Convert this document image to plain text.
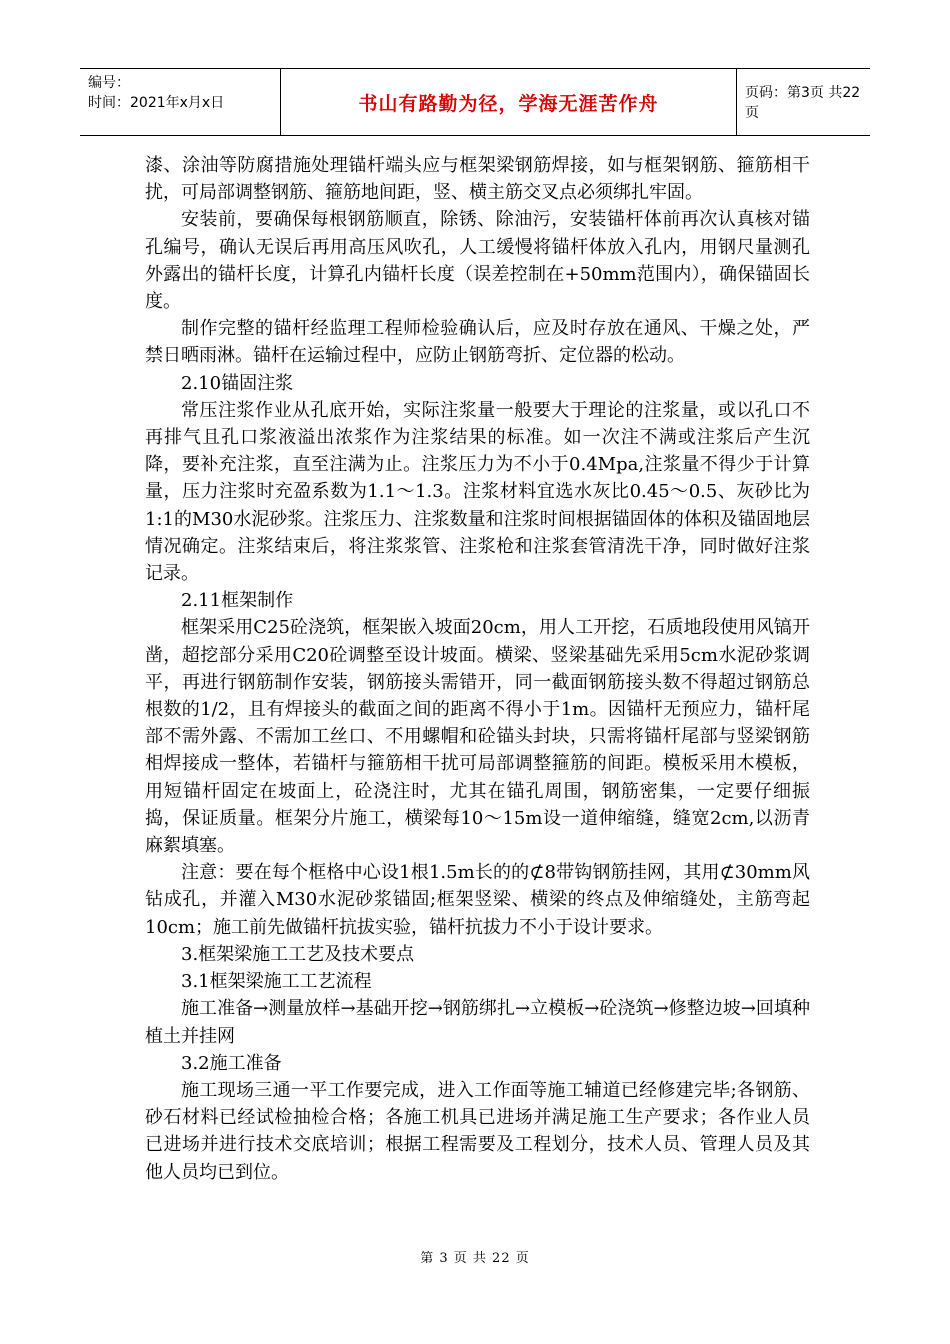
编号：
时间：2021年x月x日	书山有路勤为径，学海无涯苦作舟	页码：第3页 共22页

漆、涂油等防腐措施处理锚杆端头应与框架梁钢筋焊接，如与框架钢筋、箍筋相干扰，可局部调整钢筋、箍筋地间距，竖、横主筋交叉点必须绑扎牢固。

安装前，要确保每根钢筋顺直，除锈、除油污，安装锚杆体前再次认真核对锚孔编号，确认无误后再用高压风吹孔，人工缓慢将锚杆体放入孔内，用钢尺量测孔外露出的锚杆长度，计算孔内锚杆长度（误差控制在+50mm范围内），确保锚固长度。

制作完整的锚杆经监理工程师检验确认后，应及时存放在通风、干燥之处，严禁日晒雨淋。锚杆在运输过程中，应防止钢筋弯折、定位器的松动。

2.10锚固注浆

常压注浆作业从孔底开始，实际注浆量一般要大于理论的注浆量，或以孔口不再排气且孔口浆液溢出浓浆作为注浆结果的标准。如一次注不满或注浆后产生沉降，要补充注浆，直至注满为止。注浆压力为不小于0.4Mpa,注浆量不得少于计算量，压力注浆时充盈系数为1.1～1.3。注浆材料宜选水灰比0.45～0.5、灰砂比为1:1的M30水泥砂浆。注浆压力、注浆数量和注浆时间根据锚固体的体积及锚固地层情况确定。注浆结束后，将注浆浆管、注浆枪和注浆套管清洗干净，同时做好注浆记录。

2.11框架制作

框架采用C25砼浇筑，框架嵌入坡面20cm，用人工开挖，石质地段使用风镐开凿，超挖部分采用C20砼调整至设计坡面。横梁、竖梁基础先采用5cm水泥砂浆调平，再进行钢筋制作安装，钢筋接头需错开，同一截面钢筋接头数不得超过钢筋总根数的1/2，且有焊接头的截面之间的距离不得小于1m。因锚杆无预应力，锚杆尾部不需外露、不需加工丝口、不用螺帽和砼锚头封块，只需将锚杆尾部与竖梁钢筋相焊接成一整体，若锚杆与箍筋相干扰可局部调整箍筋的间距。模板采用木模板，用短锚杆固定在坡面上，砼浇注时，尤其在锚孔周围，钢筋密集，一定要仔细振捣，保证质量。框架分片施工，横梁每10～15m设一道伸缩缝，缝宽2cm,以沥青麻絮填塞。

注意：要在每个框格中心设1根1.5m长的的⊄8带钩钢筋挂网，其用⊄30mm风钻成孔，并灌入M30水泥砂浆锚固;框架竖梁、横梁的终点及伸缩缝处，主筋弯起10cm；施工前先做锚杆抗拔实验，锚杆抗拔力不小于设计要求。

3.框架梁施工工艺及技术要点

3.1框架梁施工工艺流程

施工准备→测量放样→基础开挖→钢筋绑扎→立模板→砼浇筑→修整边坡→回填种植土并挂网

3.2施工准备

施工现场三通一平工作要完成，进入工作面等施工辅道已经修建完毕;各钢筋、砂石材料已经试检抽检合格；各施工机具已进场并满足施工生产要求；各作业人员已进场并进行技术交底培训；根据工程需要及工程划分，技术人员、管理人员及其他人员均已到位。

第 3 页 共 22 页
